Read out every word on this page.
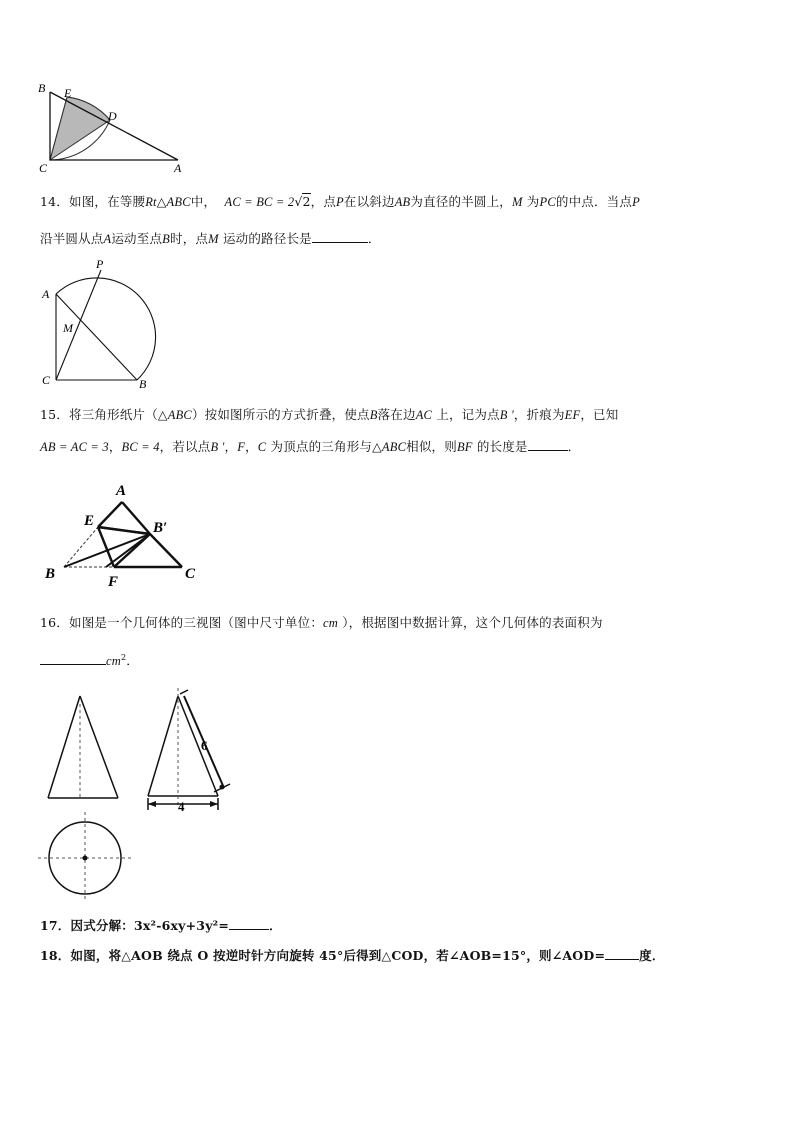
B E
D
C	A
14．如图，在等腰Rt△ABC中， AC = BC = 2√2，点P在以斜边AB为直径的半圆上，M 为PC的中点．当点P
沿半圆从点A运动至点B时，点M 运动的路径长是	．
P
A
M
C	B
15．将三角形纸片（△ABC）按如图所示的方式折叠，使点B落在边AC 上，记为点B '，折痕为EF，已知
AB = AC = 3，BC = 4，若以点B '，F，C 为顶点的三角形与△ABC相似，则BF 的长度是	．
A
E	B′
B	F	C
16．如图是一个几何体的三视图（图中尺寸单位：cm ），根据图中数据计算，这个几何体的表面积为
$cm^2$．
6
4
17．因式分解：3x²-6xy+3y²=	．
18．如图，将△AOB 绕点 O 按逆时针方向旋转 45°后得到△COD，若∠AOB=15°，则∠AOD=	度．
